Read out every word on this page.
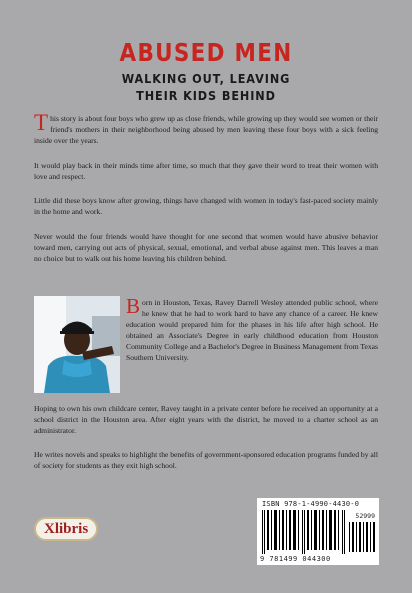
ABUSED MEN
WALKING OUT, LEAVING
THEIR KIDS BEHIND

This story is about four boys who grew up as close friends, while growing up they would see women or their friend's mothers in their neighborhood being abused by men leaving these four boys with a sick feeling inside over the years.

It would play back in their minds time after time, so much that they gave their word to treat their women with love and respect.

Little did these boys know after growing, things have changed with women in today's fast-paced society mainly in the home and work.

Never would the four friends would have thought for one second that women would have abusive behavior toward men, carrying out acts of physical, sexual, emotional, and verbal abuse against men. This leaves a man no choice but to walk out his home leaving his children behind.

Born in Houston, Texas, Ravey Darrell Wesley attended public school, where he knew that he had to work hard to have any chance of a career. He knew education would prepared him for the phases in his life after high school. He obtained an Associate's Degree in early childhood education from Houston Community College and a Bachelor's Degree in Business Management from Texas Southern University.

Hoping to own his own childcare center, Ravey taught in a private center before he received an opportunity at a school district in the Houston area. After eight years with the district, he moved to a charter school as an administrator.

He writes novels and speaks to highlight the benefits of government-sponsored education programs funded by all of society for students as they exit high school.

Xlibris
ISBN 978-1-4990-4430-0
52999
9 781499 044300
